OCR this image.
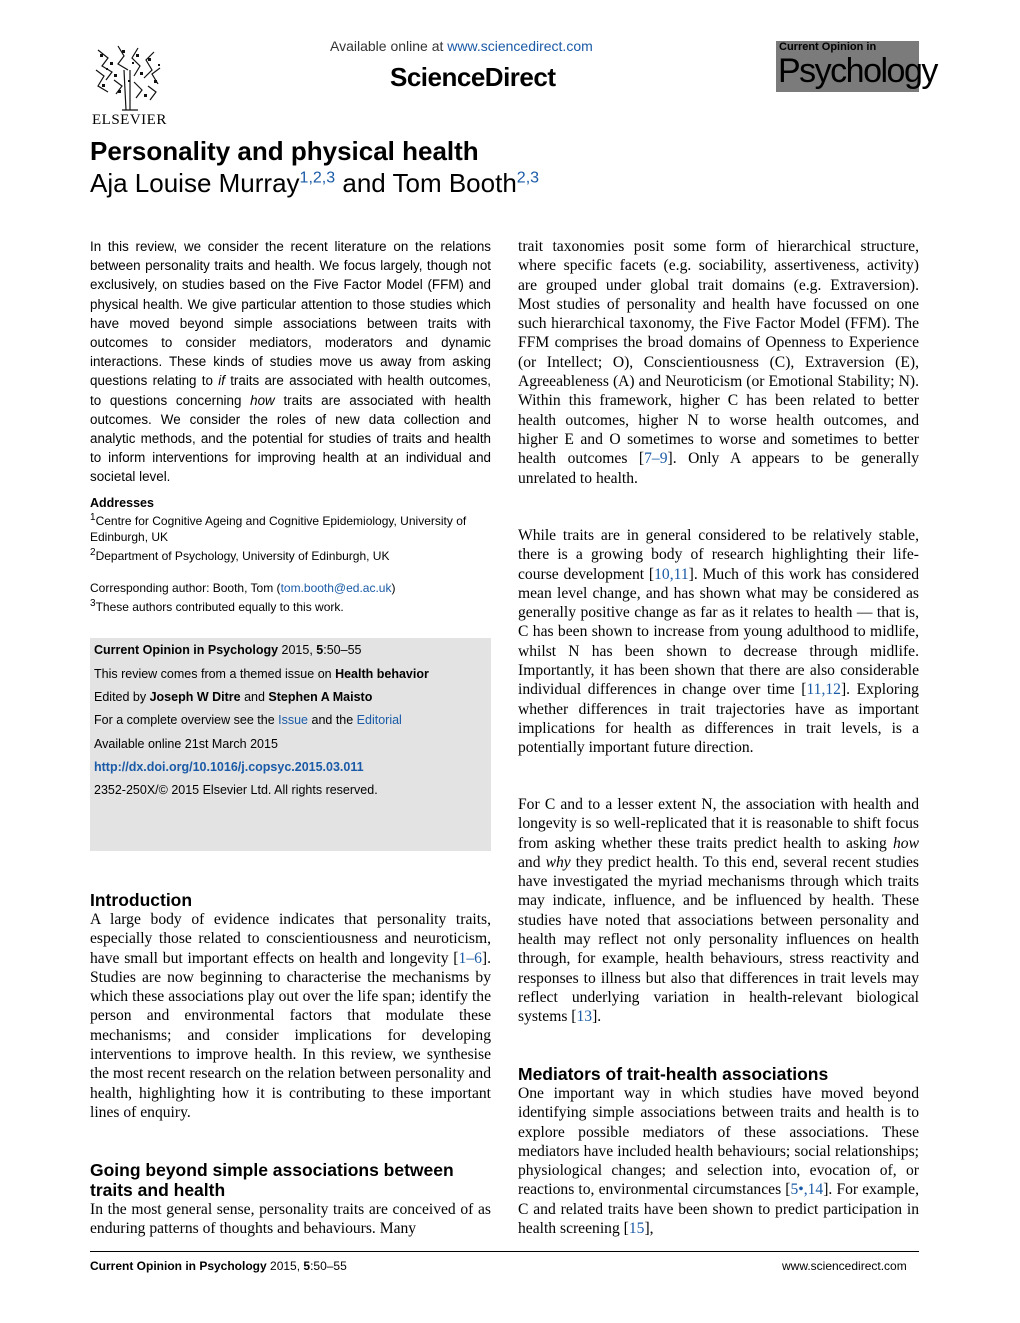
Available online at www.sciencedirect.com
ScienceDirect
ELSEVIER
Current Opinion in
Psychology
Personality and physical health
Aja Louise Murray$^{1,2,3}$ and Tom Booth$^{2,3}$
In this review, we consider the recent literature on the relations between personality traits and health. We focus largely, though not exclusively, on studies based on the Five Factor Model (FFM) and physical health. We give particular attention to those studies which have moved beyond simple associations between traits with outcomes to consider mediators, moderators and dynamic interactions. These kinds of studies move us away from asking questions relating to if traits are associated with health outcomes, to questions concerning how traits are associated with health outcomes. We consider the roles of new data collection and analytic methods, and the potential for studies of traits and health to inform interventions for improving health at an individual and societal level.
Addresses
$^1$Centre for Cognitive Ageing and Cognitive Epidemiology, University of Edinburgh, UK
$^2$Department of Psychology, University of Edinburgh, UK
Corresponding author: Booth, Tom (tom.booth@ed.ac.uk)
$^3$These authors contributed equally to this work.
Current Opinion in Psychology 2015, 5:50–55
This review comes from a themed issue on Health behavior
Edited by Joseph W Ditre and Stephen A Maisto
For a complete overview see the Issue and the Editorial
Available online 21st March 2015
http://dx.doi.org/10.1016/j.copsyc.2015.03.011
2352-250X/© 2015 Elsevier Ltd. All rights reserved.
Introduction
A large body of evidence indicates that personality traits, especially those related to conscientiousness and neuroticism, have small but important effects on health and longevity [1–6]. Studies are now beginning to characterise the mechanisms by which these associations play out over the life span; identify the person and environmental factors that modulate these mechanisms; and consider implications for developing interventions to improve health. In this review, we synthesise the most recent research on the relation between personality and health, highlighting how it is contributing to these important lines of enquiry.
Going beyond simple associations between traits and health
In the most general sense, personality traits are conceived of as enduring patterns of thoughts and behaviours. Many
trait taxonomies posit some form of hierarchical structure, where specific facets (e.g. sociability, assertiveness, activity) are grouped under global trait domains (e.g. Extraversion). Most studies of personality and health have focussed on one such hierarchical taxonomy, the Five Factor Model (FFM). The FFM comprises the broad domains of Openness to Experience (or Intellect; O), Conscientiousness (C), Extraversion (E), Agreeableness (A) and Neuroticism (or Emotional Stability; N). Within this framework, higher C has been related to better health outcomes, higher N to worse health outcomes, and higher E and O sometimes to worse and sometimes to better health outcomes [7–9]. Only A appears to be generally unrelated to health.
While traits are in general considered to be relatively stable, there is a growing body of research highlighting their life-course development [10,11]. Much of this work has considered mean level change, and has shown what may be considered as generally positive change as far as it relates to health — that is, C has been shown to increase from young adulthood to midlife, whilst N has been shown to decrease through midlife. Importantly, it has been shown that there are also considerable individual differences in change over time [11,12]. Exploring whether differences in trait trajectories have as important implications for health as differences in trait levels, is a potentially important future direction.
For C and to a lesser extent N, the association with health and longevity is so well-replicated that it is reasonable to shift focus from asking whether these traits predict health to asking how and why they predict health. To this end, several recent studies have investigated the myriad mechanisms through which traits may indicate, influence, and be influenced by health. These studies have noted that associations between personality and health may reflect not only personality influences on health through, for example, health behaviours, stress reactivity and responses to illness but also that differences in trait levels may reflect underlying variation in health-relevant biological systems [13].
Mediators of trait-health associations
One important way in which studies have moved beyond identifying simple associations between traits and health is to explore possible mediators of these associations. These mediators have included health behaviours; social relationships; physiological changes; and selection into, evocation of, or reactions to, environmental circumstances [5•,14]. For example, C and related traits have been shown to predict participation in health screening [15],
Current Opinion in Psychology 2015, 5:50–55	www.sciencedirect.com
